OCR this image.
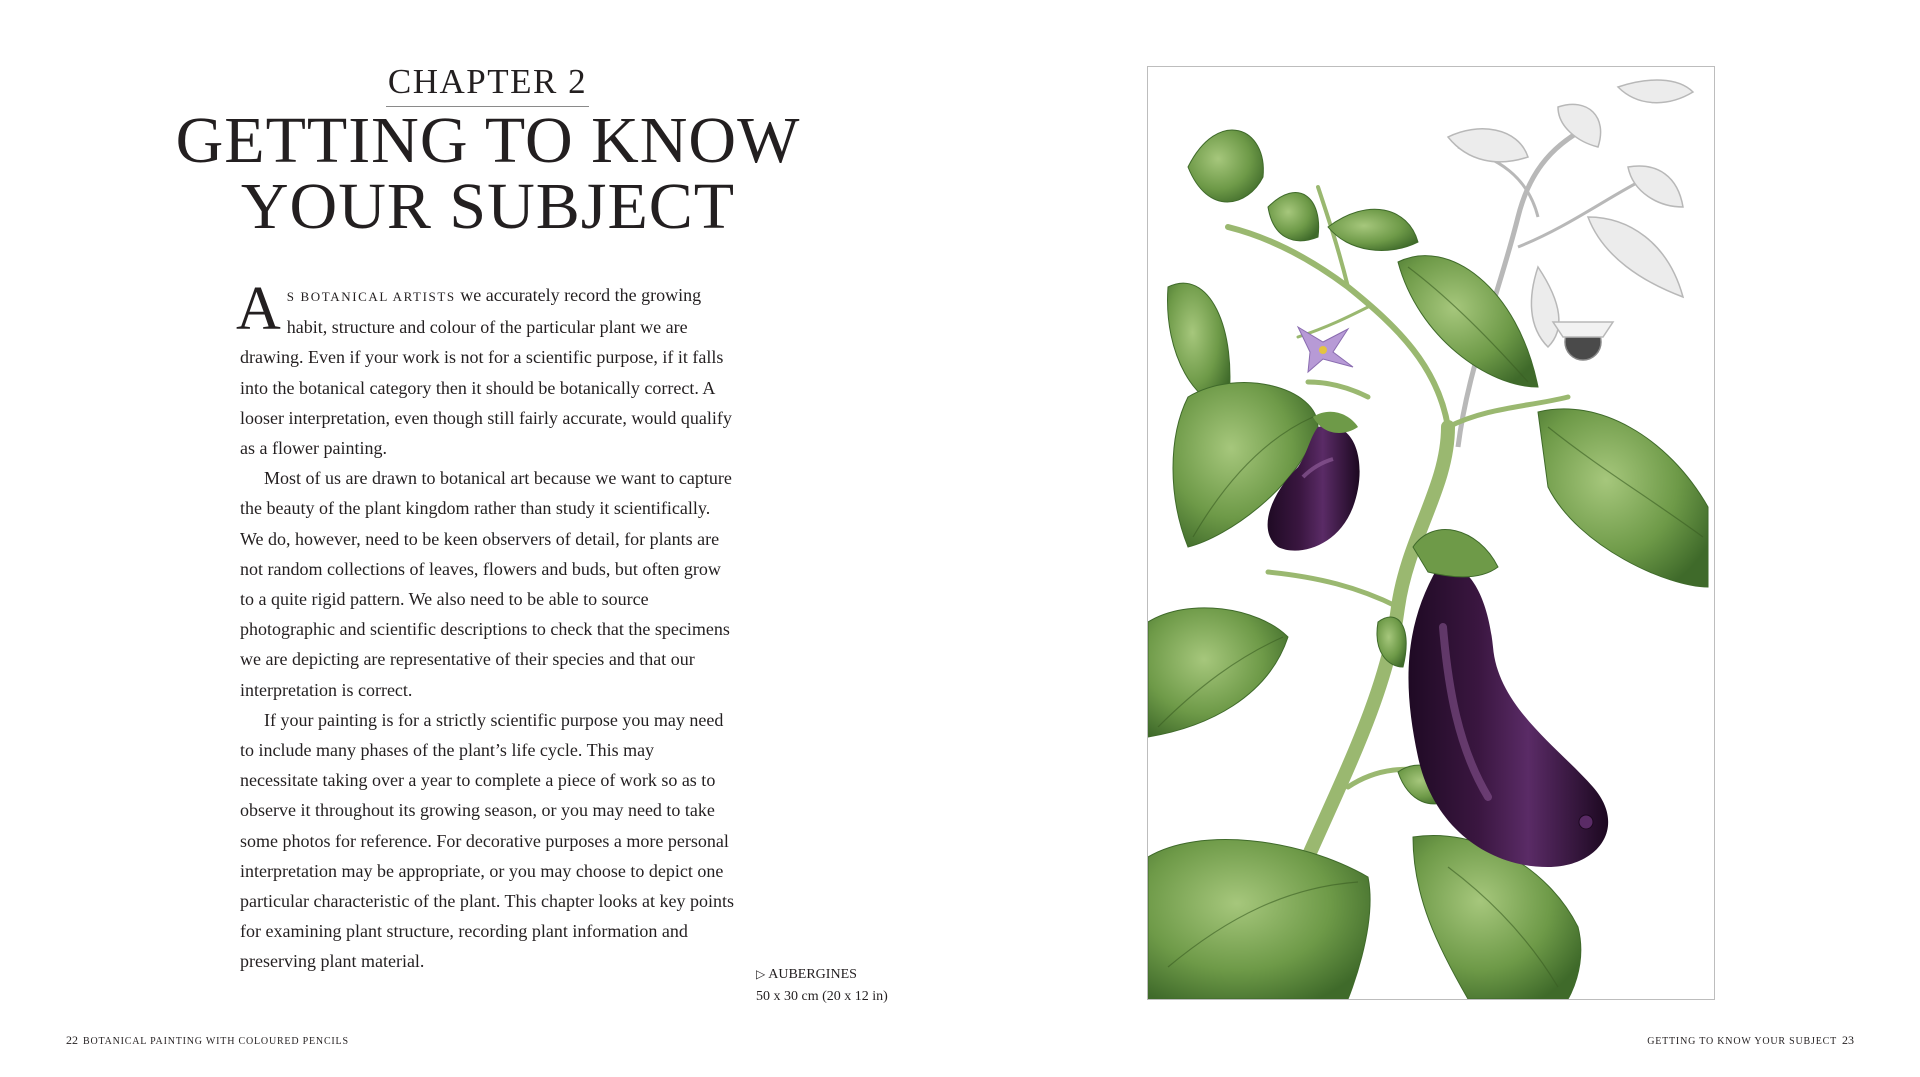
CHAPTER 2
GETTING TO KNOW
YOUR SUBJECT

AS BOTANICAL ARTISTS we accurately record the growing habit, structure and colour of the particular plant we are drawing. Even if your work is not for a scientific purpose, if it falls into the botanical category then it should be botanically correct. A looser interpretation, even though still fairly accurate, would qualify as a flower painting.

Most of us are drawn to botanical art because we want to capture the beauty of the plant kingdom rather than study it scientifically. We do, however, need to be keen observers of detail, for plants are not random collections of leaves, flowers and buds, but often grow to a quite rigid pattern. We also need to be able to source photographic and scientific descriptions to check that the specimens we are depicting are representative of their species and that our interpretation is correct.

If your painting is for a strictly scientific purpose you may need to include many phases of the plant’s life cycle. This may necessitate taking over a year to complete a piece of work so as to observe it throughout its growing season, or you may need to take some photos for reference. For decorative purposes a more personal interpretation may be appropriate, or you may choose to depict one particular characteristic of the plant. This chapter looks at key points for examining plant structure, recording plant information and preserving plant material.

▷ AUBERGINES
50 x 30 cm (20 x 12 in)
22 BOTANICAL PAINTING WITH COLOURED PENCILS	GETTING TO KNOW YOUR SUBJECT 23
